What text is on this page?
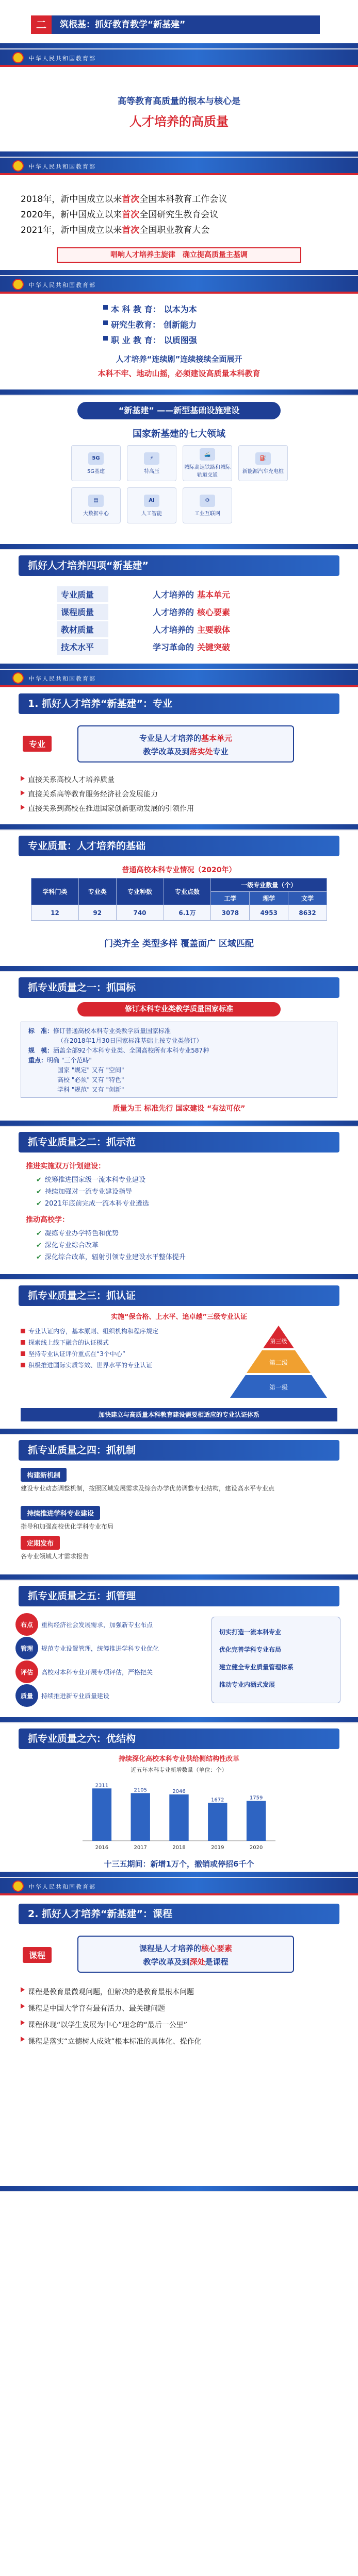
二	筑根基：抓好教育教学“新基建”
中华人民共和国教育部
高等教育高质量的根本与核心是
人才培养的高质量
中华人民共和国教育部
2018年，新中国成立以来首次全国本科教育工作会议
2020年，新中国成立以来首次全国研究生教育会议
2021年，新中国成立以来首次全国职业教育大会
唱响人才培养主旋律　确立提高质量主基调
中华人民共和国教育部
本 科 教 育： 以本为本
研究生教育： 创新能力
职 业 教 育： 以质图强
人才培养“连续剧”连续接续全面展开
本科不牢、地动山摇，必须建设高质量本科教育
“新基建” ——新型基础设施建设
国家新基建的七大领域
5G
5G基建
⚡
特高压
🚄
城际高速铁路和城际轨道交通
⛽
新能源汽车充电桩
▤
大数据中心
AI
人工智能
⚙
工业互联网
抓好人才培养四项“新基建”
专业质量	人才培养的 基本单元
课程质量	人才培养的 核心要素
教材质量	人才培养的 主要载体
技术水平	学习革命的 关键突破
中华人民共和国教育部
1. 抓好人才培养“新基建”：专业
专业
专业是人才培养的基本单元
教学改革及到落实处专业
直接关系高校人才培养质量
直接关系高等教育服务经济社会发展能力
直接关系到高校在推进国家创新驱动发展的引领作用
专业质量：人才培养的基础
普通高校本科专业情况（2020年）
学科门类	专业类	专业种数	专业点数	一级专业数量（个）		
				工学	理学	文学
12	92	740	6.1万	3078	4953	8632
门类齐全 类型多样 覆盖面广 区域匹配
抓专业质量之一：抓国标
修订本科专业类教学质量国家标准
标　准：修订普通高校本科专业类教学质量国家标准
（在2018年1月30日国家标准基础上按专业类修订）
规　模：涵盖全部92个本科专业类、全国高校所有本科专业587种
重点：明确 "三个范畴"
国家 "规定" 又有 "空间"
高校 "必须" 又有 "特色"
学科 "规范" 又有 "创新"
质量为王 标准先行 国家建设 “有法可依”
抓专业质量之二：抓示范
推进实施双万计划建设：
✔ 统筹推进国家级一流本科专业建设
✔ 持续加强对一流专业建设指导
✔ 2021年底前完成一流本科专业遴选
推动高校学：
✔ 凝练专业办学特色和优势
✔ 深化专业综合改革
✔ 深化综合改革，辐射引领专业建设水平整体提升
抓专业质量之三：抓认证
实施“保合格、上水平、追卓越”三级专业认证
专业认证内容，基本原则、组织机构和程序规定
探索线上线下融合的认证模式
坚持专业认证评价重点在“3个中心”
积极推进国际实质等效、世界水平的专业认证
第三级
第二级
第一级
加快建立与高质量本科教育建设需要相适应的专业认证体系
抓专业质量之四：抓机制
构建新机制
建设专业动态调整机制，按照区域发展需求及综合办学优势调整专业结构，建设高水平专业点
持续推进学科专业建设
指导和加强高校优化学科专业布局
定期发布
各专业领域人才需求报告
抓专业质量之五：抓管理
布点	重构经济社会发展需求，加强新专业布点
管理	规范专业设置管理，统筹推进学科专业优化
评估	高校对本科专业开展专项评估，严格把关
质量	持续推进新专业质量建设
切实打造一流本科专业
优化完善学科专业布局
建立健全专业质量管理体系
推动专业内涵式发展
抓专业质量之六：优结构
持续深化高校本科专业供给侧结构性改革
近五年本科专业新增数量（单位：个）
2311
2016
2105
2017
2046
2018
1672
2019
1759
2020
十三五期间：新增1万个，撤销或停招6千个
中华人民共和国教育部
2. 抓好人才培养“新基建”：课程
课程
课程是人才培养的核心要素
教学改革及到深处是课程
课程是教育最微观问题，但解决的是教育最根本问题
课程是中国大学育有最有活力、最关键问题
课程体现“以学生发展为中心”理念的“最后一公里”
课程是落实“立德树人成效”根本标准的具体化、操作化
